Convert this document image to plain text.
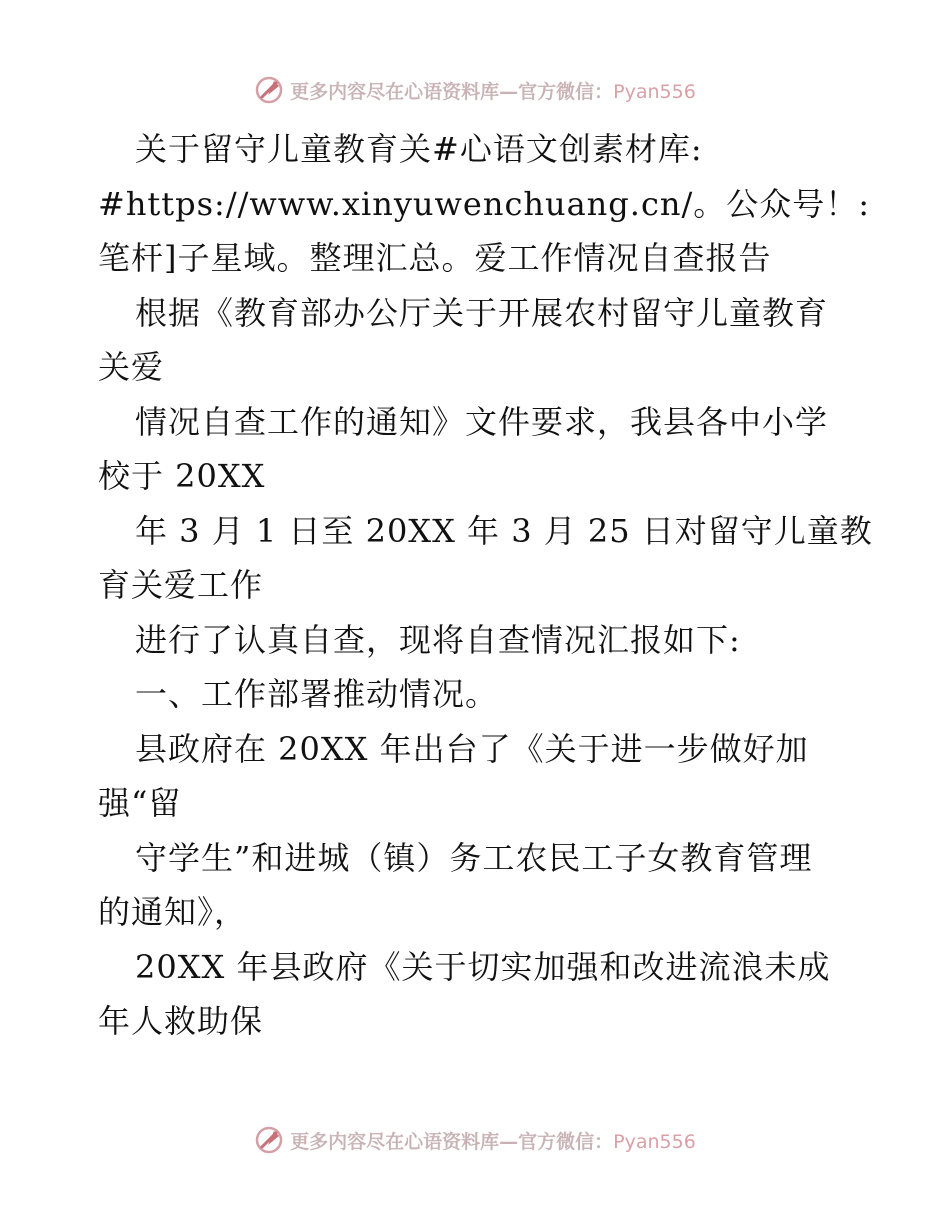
更多内容尽在心语资料库—官方微信：Pyan556
关于留守儿童教育关#心语文创素材库:
#https://www.xinyuwenchuang.cn/。公众号！:
笔杆]子星域。整理汇总。爱工作情况自查报告
根据《教育部办公厅关于开展农村留守儿童教育
关爱
情况自查工作的通知》文件要求，我县各中小学
校于 20XX
年 3 月 1 日至 20XX 年 3 月 25 日对留守儿童教
育关爱工作
进行了认真自查，现将自查情况汇报如下:
一、工作部署推动情况。
县政府在 20XX 年出台了《关于进一步做好加
强“留
守学生”和进城（镇）务工农民工子女教育管理
的通知》，
20XX 年县政府《关于切实加强和改进流浪未成
年人救助保
更多内容尽在心语资料库—官方微信：Pyan556
